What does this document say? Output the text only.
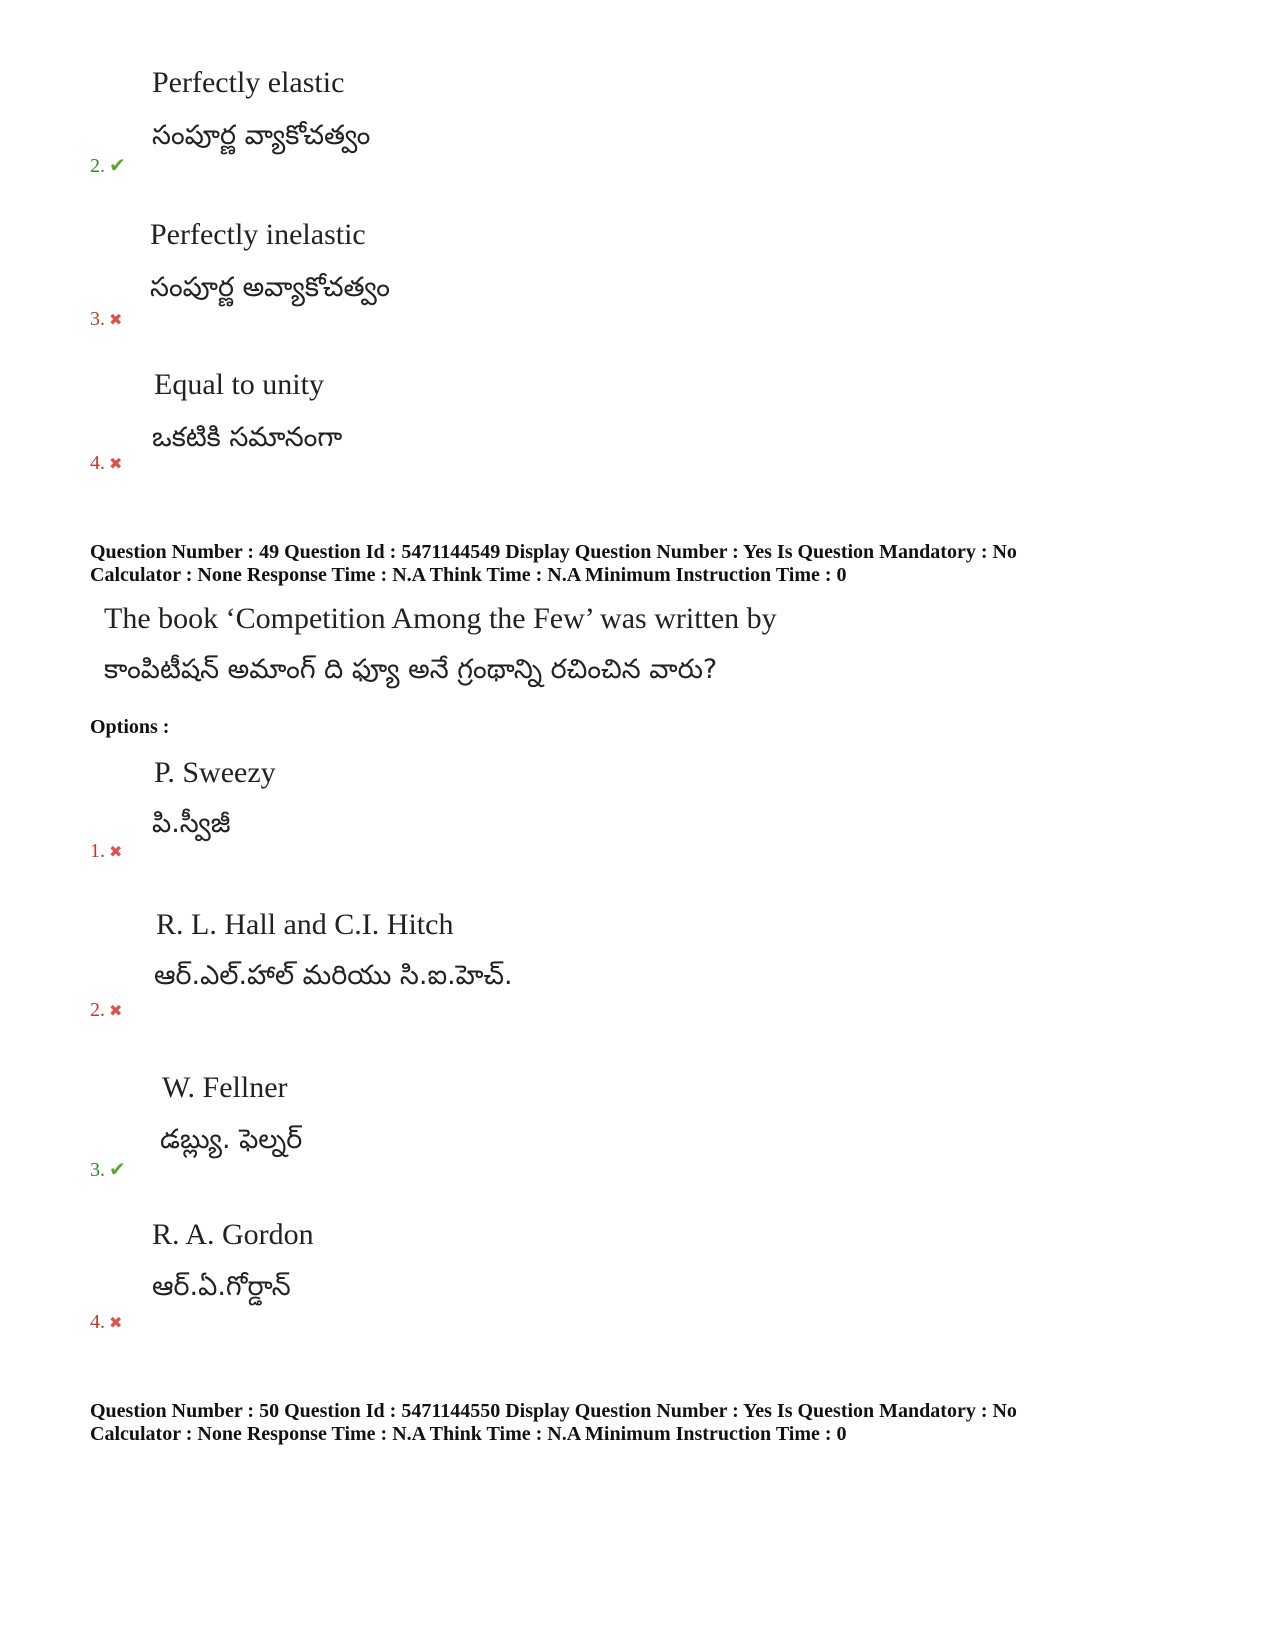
Perfectly elastic
సంపూర్ణ వ్యాకోచత్వం
2. ✔
Perfectly inelastic
సంపూర్ణ అవ్యాకోచత్వం
3. ✖
Equal to unity
ఒకటికి సమానంగా
4. ✖
Question Number : 49 Question Id : 5471144549 Display Question Number : Yes Is Question Mandatory : No
Calculator : None Response Time : N.A Think Time : N.A Minimum Instruction Time : 0
The book ‘Competition Among the Few’ was written by
కాంపిటీషన్ అమాంగ్ ది ఫ్యూ అనే గ్రంథాన్ని రచించిన వారు?
Options :
P. Sweezy
పి.స్వీజీ
1. ✖
R. L. Hall and C.I. Hitch
ఆర్.ఎల్.హాల్ మరియు సి.ఐ.హెచ్.
2. ✖
W. Fellner
డబ్ల్యు. ఫెల్నర్
3. ✔
R. A. Gordon
ఆర్.ఏ.గోర్డాన్
4. ✖
Question Number : 50 Question Id : 5471144550 Display Question Number : Yes Is Question Mandatory : No
Calculator : None Response Time : N.A Think Time : N.A Minimum Instruction Time : 0
